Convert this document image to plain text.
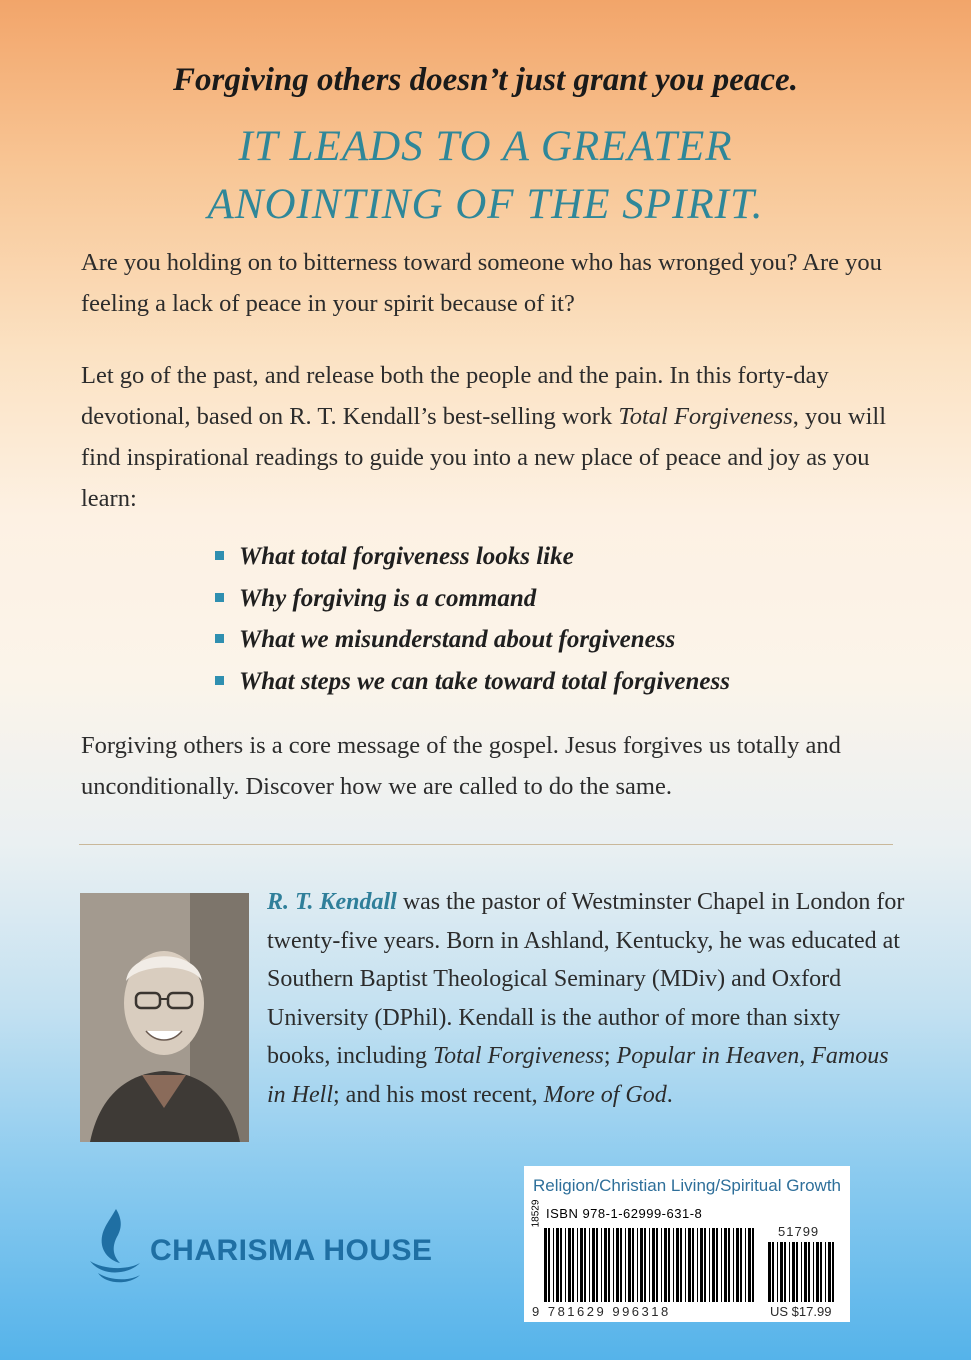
Forgiving others doesn’t just grant you peace.
IT LEADS TO A GREATER
ANOINTING OF THE SPIRIT.
Are you holding on to bitterness toward someone who has wronged you? Are you feeling a lack of peace in your spirit because of it?
Let go of the past, and release both the people and the pain. In this forty-day devotional, based on R. T. Kendall’s best-selling work Total Forgiveness, you will find inspirational readings to guide you into a new place of peace and joy as you learn:
What total forgiveness looks like
Why forgiving is a command
What we misunderstand about forgiveness
What steps we can take toward total forgiveness
Forgiving others is a core message of the gospel. Jesus forgives us totally and unconditionally. Discover how we are called to do the same.
R. T. Kendall was the pastor of Westminster Chapel in London for twenty-five years. Born in Ashland, Kentucky, he was educated at Southern Baptist Theological Seminary (MDiv) and Oxford University (DPhil). Kendall is the author of more than sixty books, including Total Forgiveness; Popular in Heaven, Famous in Hell; and his most recent, More of God.
CHARISMA HOUSE
Religion/Christian Living/Spiritual Growth
ISBN 978-1-62999-631-8
18529
51799
9 781629 996318	US $17.99
